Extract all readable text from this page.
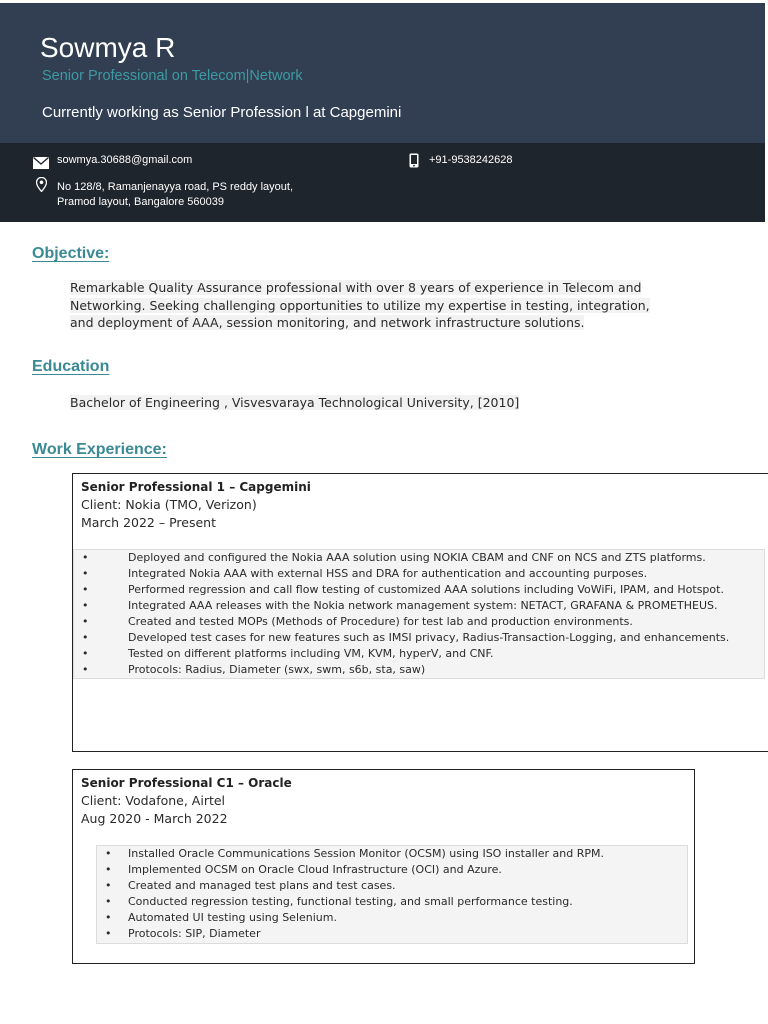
Sowmya R
Senior Professional on Telecom|Network
Currently working as Senior Profession l at Capgemini
sowmya.30688@gmail.com	+91-9538242628
No 128/8, Ramanjenayya road, PS reddy layout,
Pramod layout, Bangalore 560039
Objective:
Remarkable Quality Assurance professional with over 8 years of experience in Telecom and
Networking. Seeking challenging opportunities to utilize my expertise in testing, integration,
and deployment of AAA, session monitoring, and network infrastructure solutions.
Education
Bachelor of Engineering , Visvesvaraya Technological University, [2010]
Work Experience:
Senior Professional 1 – Capgemini
Client: Nokia (TMO, Verizon)
March 2022 – Present
•	Deployed and configured the Nokia AAA solution using NOKIA CBAM and CNF on NCS and ZTS platforms.
•	Integrated Nokia AAA with external HSS and DRA for authentication and accounting purposes.
•	Performed regression and call flow testing of customized AAA solutions including VoWiFi, IPAM, and Hotspot.
•	Integrated AAA releases with the Nokia network management system: NETACT, GRAFANA & PROMETHEUS.
•	Created and tested MOPs (Methods of Procedure) for test lab and production environments.
•	Developed test cases for new features such as IMSI privacy, Radius-Transaction-Logging, and enhancements.
•	Tested on different platforms including VM, KVM, hyperV, and CNF.
•	Protocols: Radius, Diameter (swx, swm, s6b, sta, saw)
Senior Professional C1 – Oracle
Client: Vodafone, Airtel
Aug 2020 - March 2022
• Installed Oracle Communications Session Monitor (OCSM) using ISO installer and RPM.
• Implemented OCSM on Oracle Cloud Infrastructure (OCI) and Azure.
• Created and managed test plans and test cases.
• Conducted regression testing, functional testing, and small performance testing.
• Automated UI testing using Selenium.
• Protocols: SIP, Diameter
